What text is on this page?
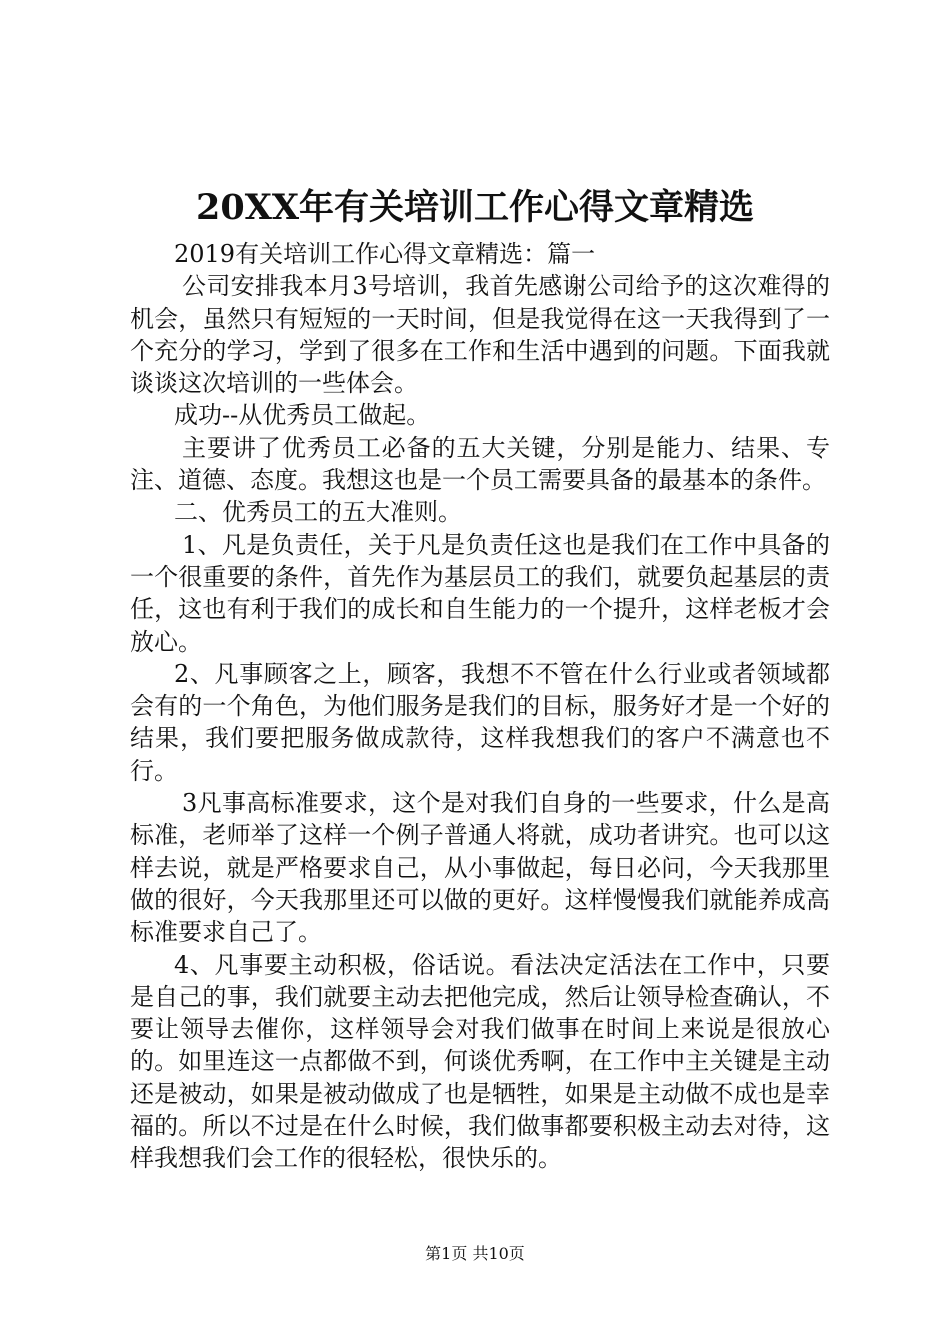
20XX年有关培训工作心得文章精选

2019有关培训工作心得文章精选：篇一

公司安排我本月3号培训，我首先感谢公司给予的这次难得的机会，虽然只有短短的一天时间，但是我觉得在这一天我得到了一个充分的学习，学到了很多在工作和生活中遇到的问题。下面我就谈谈这次培训的一些体会。

成功--从优秀员工做起。

主要讲了优秀员工必备的五大关键，分别是能力、结果、专注、道德、态度。我想这也是一个员工需要具备的最基本的条件。

二、优秀员工的五大准则。

1、凡是负责任，关于凡是负责任这也是我们在工作中具备的一个很重要的条件，首先作为基层员工的我们，就要负起基层的责任，这也有利于我们的成长和自生能力的一个提升，这样老板才会放心。

2、凡事顾客之上，顾客，我想不不管在什么行业或者领域都会有的一个角色，为他们服务是我们的目标，服务好才是一个好的结果，我们要把服务做成款待，这样我想我们的客户不满意也不行。

3凡事高标准要求，这个是对我们自身的一些要求，什么是高标准，老师举了这样一个例子普通人将就，成功者讲究。也可以这样去说，就是严格要求自己，从小事做起，每日必问，今天我那里做的很好，今天我那里还可以做的更好。这样慢慢我们就能养成高标准要求自己了。

4、凡事要主动积极，俗话说。看法决定活法在工作中，只要是自己的事，我们就要主动去把他完成，然后让领导检查确认，不要让领导去催你，这样领导会对我们做事在时间上来说是很放心的。如里连这一点都做不到，何谈优秀啊，在工作中主关键是主动还是被动，如果是被动做成了也是牺牲，如果是主动做不成也是幸福的。所以不过是在什么时候，我们做事都要积极主动去对待，这样我想我们会工作的很轻松，很快乐的。

第1页 共10页
